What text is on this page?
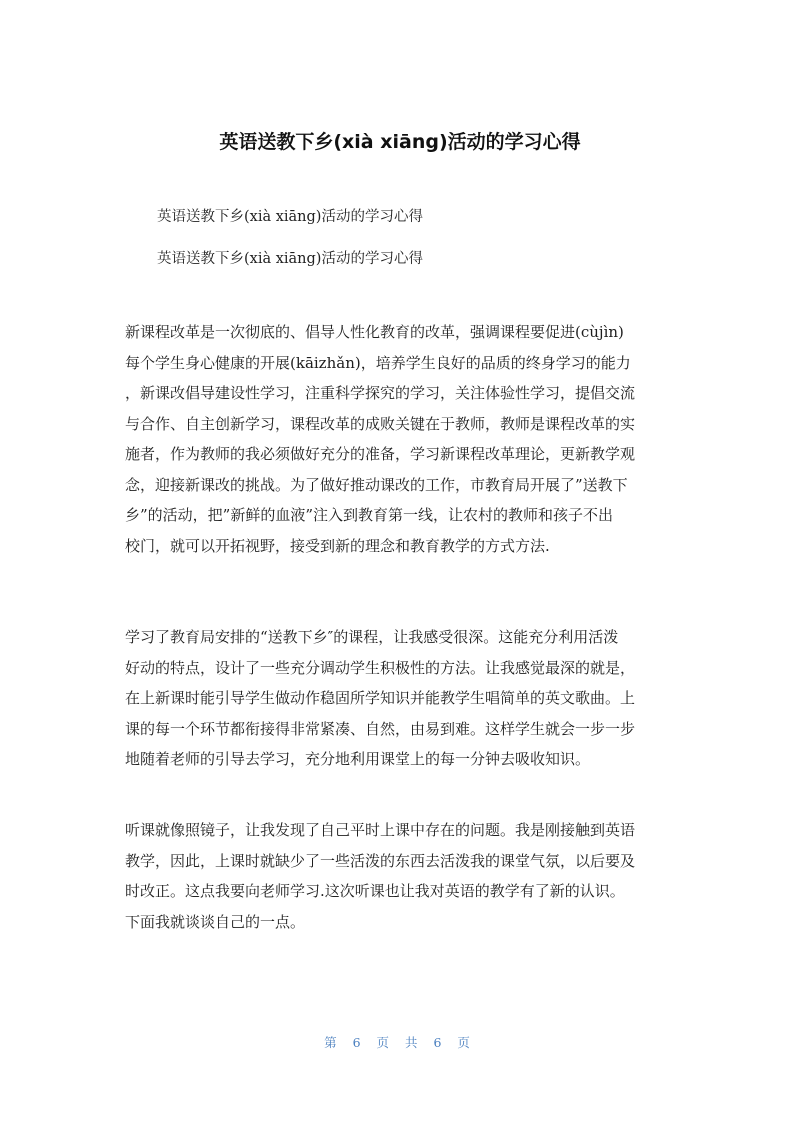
英语送教下乡(xià xiāng)活动的学习心得
英语送教下乡(xià xiāng)活动的学习心得
英语送教下乡(xià xiāng)活动的学习心得
新课程改革是一次彻底的、倡导人性化教育的改革，强调课程要促进(cùjìn)
每个学生身心健康的开展(kāizhǎn)，培养学生良好的品质的终身学习的能力
，新课改倡导建设性学习，注重科学探究的学习，关注体验性学习，提倡交流
与合作、自主创新学习，课程改革的成败关键在于教师，教师是课程改革的实
施者，作为教师的我必须做好充分的准备，学习新课程改革理论，更新教学观
念，迎接新课改的挑战。为了做好推动课改的工作，市教育局开展了”送教下
乡”的活动，把”新鲜的血液”注入到教育第一线，让农村的教师和孩子不出
校门，就可以开拓视野，接受到新的理念和教育教学的方式方法.
学习了教育局安排的“送教下乡″的课程，让我感受很深。这能充分利用活泼
好动的特点，设计了一些充分调动学生积极性的方法。让我感觉最深的就是，
在上新课时能引导学生做动作稳固所学知识并能教学生唱简单的英文歌曲。上
课的每一个环节都衔接得非常紧凑、自然，由易到难。这样学生就会一步一步
地随着老师的引导去学习，充分地利用课堂上的每一分钟去吸收知识。
听课就像照镜子，让我发现了自己平时上课中存在的问题。我是刚接触到英语
教学，因此，上课时就缺少了一些活泼的东西去活泼我的课堂气氛，以后要及
时改正。这点我要向老师学习.这次听课也让我对英语的教学有了新的认识。
下面我就谈谈自己的一点。
第 6 页 共 6 页
